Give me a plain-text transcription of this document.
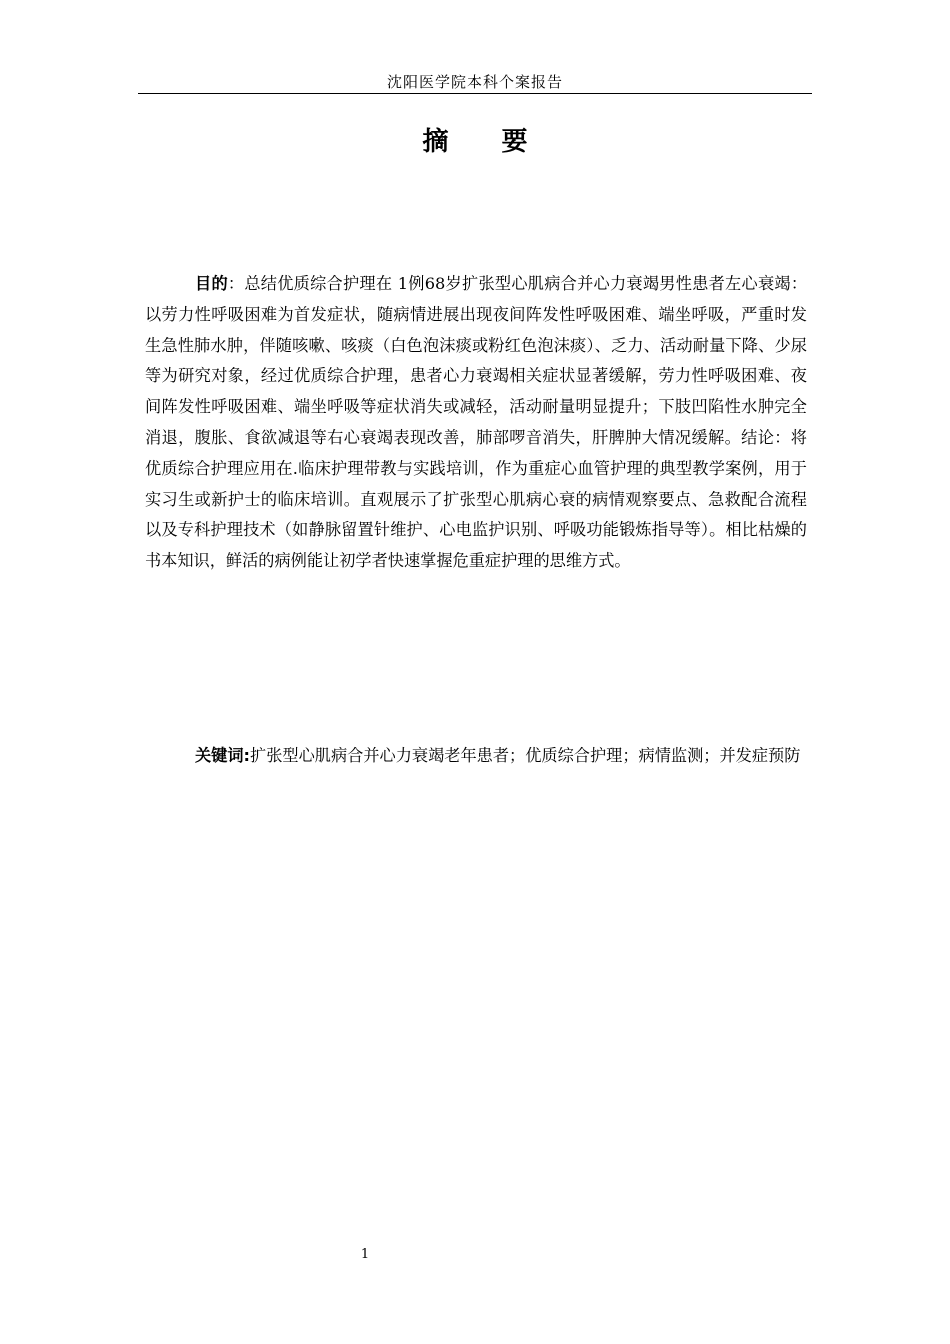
沈阳医学院本科个案报告
摘 要

目的：总结优质综合护理在 1例68岁扩张型心肌病合并心力衰竭男性患者左心衰竭：以劳力性呼吸困难为首发症状，随病情进展出现夜间阵发性呼吸困难、端坐呼吸，严重时发生急性肺水肿，伴随咳嗽、咳痰（白色泡沫痰或粉红色泡沫痰）、乏力、活动耐量下降、少尿等为研究对象，经过优质综合护理，患者心力衰竭相关症状显著缓解，劳力性呼吸困难、夜间阵发性呼吸困难、端坐呼吸等症状消失或减轻，活动耐量明显提升；下肢凹陷性水肿完全消退，腹胀、食欲减退等右心衰竭表现改善，肺部啰音消失，肝脾肿大情况缓解。结论：将优质综合护理应用在.临床护理带教与实践培训，作为重症心血管护理的典型教学案例，用于实习生或新护士的临床培训。直观展示了扩张型心肌病心衰的病情观察要点、急救配合流程以及专科护理技术（如静脉留置针维护、心电监护识别、呼吸功能锻炼指导等）。相比枯燥的书本知识，鲜活的病例能让初学者快速掌握危重症护理的思维方式。

关键词:扩张型心肌病合并心力衰竭老年患者；优质综合护理；病情监测；并发症预防

1
